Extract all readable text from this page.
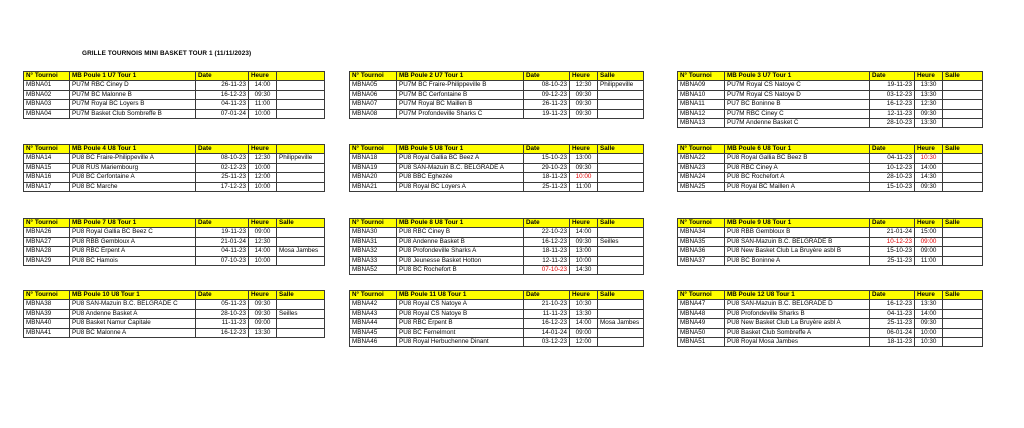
GRILLE TOURNOIS MINI BASKET TOUR 1 (11/11/2023)
N° Tournoi	MB Poule 1 U7 Tour 1	Date	Heure	
MBNA01	PU7M RBC Ciney D	26-11-23	14:00	
MBNA02	PU7M BC Malonne B	16-12-23	09:30	
MBNA03	PU7M Royal BC Loyers B	04-11-23	11:00	
MBNA04	PU7M Basket Club Sombreffe B	07-01-24	10:00	
N° Tournoi	MB Poule 2 U7 Tour 1	Date	Heure	Salle
MBNA05	PU7M BC Fraire-Philippeville B	08-10-23	12:30	Philippeville
MBNA06	PU7M BC Cerfontaine B	09-12-23	09:30	
MBNA07	PU7M Royal BC Maillen B	26-11-23	09:30	
MBNA08	PU7M Profondeville Sharks C	19-11-23	09:30	
N° Tournoi	MB Poule 3 U7 Tour 1	Date	Heure	Salle
MBNA09	PU7M Royal CS Natoye C	19-11-23	13:30	
MBNA10	PU7M Royal CS Natoye D	03-12-23	13:30	
MBNA11	PU7 BC Boninne B	16-12-23	12:30	
MBNA12	PU7M RBC Ciney C	12-11-23	09:30	
MBNA13	PU7M Andenne Basket C	28-10-23	13:30	
N° Tournoi	MB Poule 4 U8 Tour 1	Date	Heure	
MBNA14	PU8 BC Fraire-Philippeville A	08-10-23	12:30	Philippeville
MBNA15	PU8 RUS Mariembourg	02-12-23	10:00	
MBNA16	PU8 BC Cerfontaine A	25-11-23	12:00	
MBNA17	PU8 BC Marche	17-12-23	10:00	
N° Tournoi	MB Poule 5 U8 Tour 1	Date	Heure	Salle
MBNA18	PU8 Royal Gallia BC Beez A	15-10-23	13:00	
MBNA19	PU8 SAN-Mazuin B.C. BELGRADE A	29-10-23	09:30	
MBNA20	PU8 BBC Eghezée	18-11-23	10:00	
MBNA21	PU8 Royal BC Loyers A	25-11-23	11:00	
N° Tournoi	MB Poule 6 U8 Tour 1	Date	Heure	Salle
MBNA22	PU8 Royal Gallia BC Beez B	04-11-23	10:30	
MBNA23	PU8 RBC Ciney A	10-12-23	14:00	
MBNA24	PU8 BC Rochefort A	28-10-23	14:30	
MBNA25	PU8 Royal BC Maillen A	15-10-23	09:30	
N° Tournoi	MB Poule 7 U8 Tour 1	Date	Heure	Salle
MBNA26	PU8 Royal Gallia BC Beez C	19-11-23	09:00	
MBNA27	PU8 RBB Gembloux A	21-01-24	12:30	
MBNA28	PU8 RBC Erpent A	04-11-23	14:00	Mosa Jambes
MBNA29	PU8 BC Hamois	07-10-23	10:00	
N° Tournoi	MB Poule 8 U8 Tour 1	Date	Heure	Salle
MBNA30	PU8 RBC Ciney B	22-10-23	14:00	
MBNA31	PU8 Andenne Basket B	16-12-23	09:30	Seilles
MBNA32	PU8 Profondeville Sharks A	18-11-23	13:00	
MBNA33	PU8 Jeunesse Basket Hotton	12-11-23	10:00	
MBNA52	PU8 BC Rochefort B	07-10-23	14:30	
N° Tournoi	MB Poule 9 U8 Tour 1	Date	Heure	Salle
MBNA34	PU8 RBB Gembloux B	21-01-24	15:00	
MBNA35	PU8 SAN-Mazuin B.C. BELGRADE B	10-12-23	09:00	
MBNA36	PU8 New Basket Club La Bruyère asbl B	15-10-23	09:00	
MBNA37	PU8 BC Boninne A	25-11-23	11:00	
N° Tournoi	MB Poule 10 U8 Tour 1	Date	Heure	Salle
MBNA38	PU8 SAN-Mazuin B.C. BELGRADE C	05-11-23	09:30	
MBNA39	PU8 Andenne Basket A	28-10-23	09:30	Seilles
MBNA40	PU8 Basket Namur Capitale	11-11-23	09:00	
MBNA41	PU8 BC Malonne A	16-12-23	13:30	
N° Tournoi	MB Poule 11 U8 Tour 1	Date	Heure	Salle
MBNA42	PU8 Royal CS Natoye A	21-10-23	10:30	
MBNA43	PU8 Royal CS Natoye B	11-11-23	13:30	
MBNA44	PU8 RBC Erpent B	16-12-23	14:00	Mosa Jambes
MBNA45	PU8 BC Fernelmont	14-01-24	09:00	
MBNA46	PU8 Royal Herbuchenne Dinant	03-12-23	12:00	
N° Tournoi	MB Poule 12 U8 Tour 1	Date	Heure	Salle
MBNA47	PU8 SAN-Mazuin B.C. BELGRADE D	16-12-23	13:30	
MBNA48	PU8 Profondeville Sharks B	04-11-23	14:00	
MBNA49	PU8 New Basket Club La Bruyère asbl A	25-11-23	09:30	
MBNA50	PU8 Basket Club Sombreffe A	06-01-24	10:00	
MBNA51	PU8 Royal Mosa Jambes	18-11-23	10:30	
